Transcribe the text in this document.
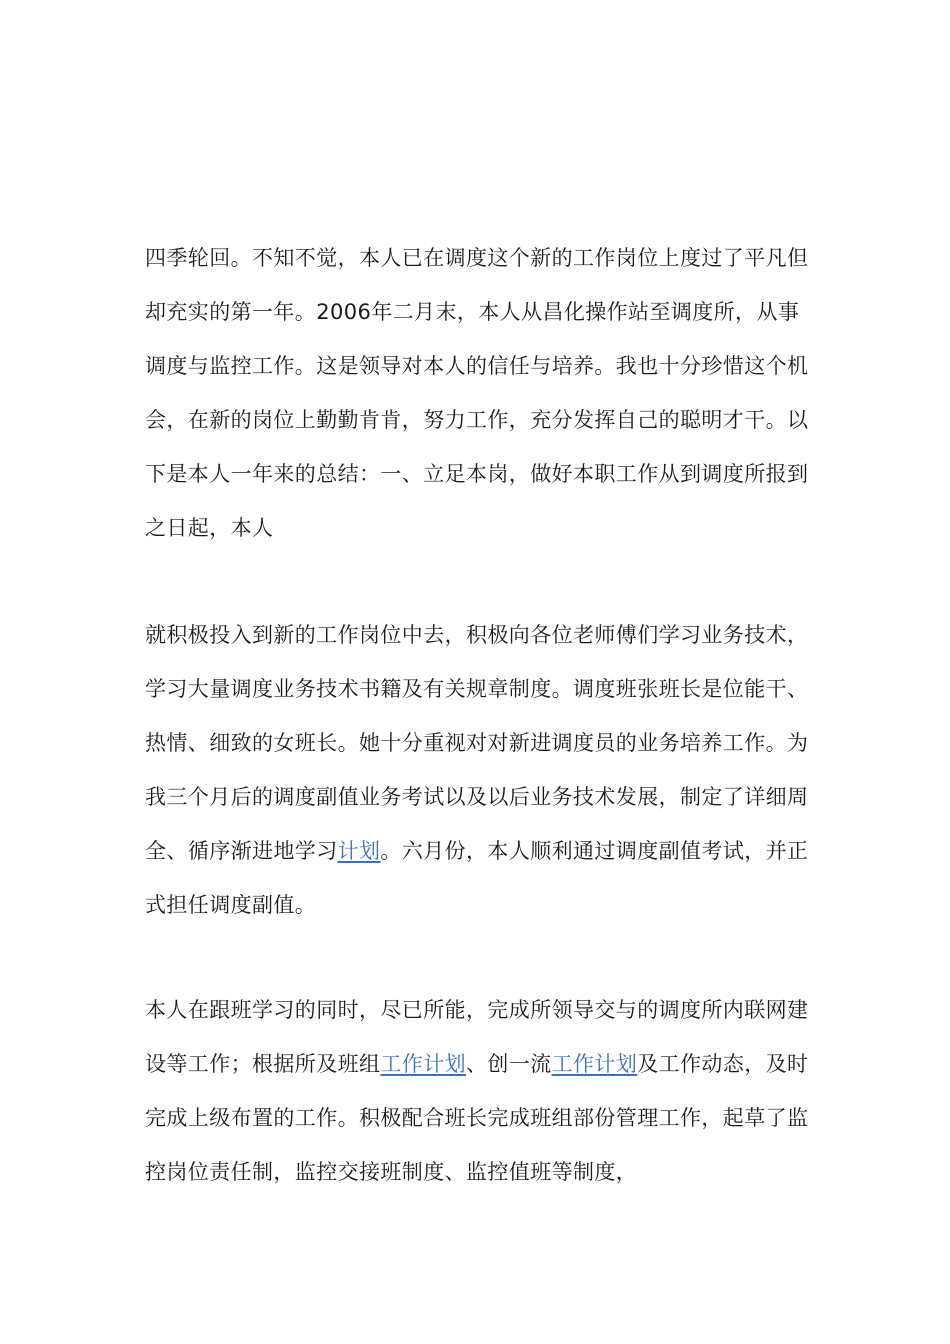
四季轮回。不知不觉，本人已在调度这个新的工作岗位上度过了平凡但却充实的第一年。2006年二月末，本人从昌化操作站至调度所，从事调度与监控工作。这是领导对本人的信任与培养。我也十分珍惜这个机会，在新的岗位上勤勤肯肯，努力工作，充分发挥自己的聪明才干。以下是本人一年来的总结：一、立足本岗，做好本职工作从到调度所报到之日起，本人

就积极投入到新的工作岗位中去，积极向各位老师傅们学习业务技术，学习大量调度业务技术书籍及有关规章制度。调度班张班长是位能干、热情、细致的女班长。她十分重视对对新进调度员的业务培养工作。为我三个月后的调度副值业务考试以及以后业务技术发展，制定了详细周全、循序渐进地学习计划。六月份，本人顺利通过调度副值考试，并正式担任调度副值。

本人在跟班学习的同时，尽已所能，完成所领导交与的调度所内联网建设等工作；根据所及班组工作计划、创一流工作计划及工作动态，及时完成上级布置的工作。积极配合班长完成班组部份管理工作，起草了监控岗位责任制，监控交接班制度、监控值班等制度，
